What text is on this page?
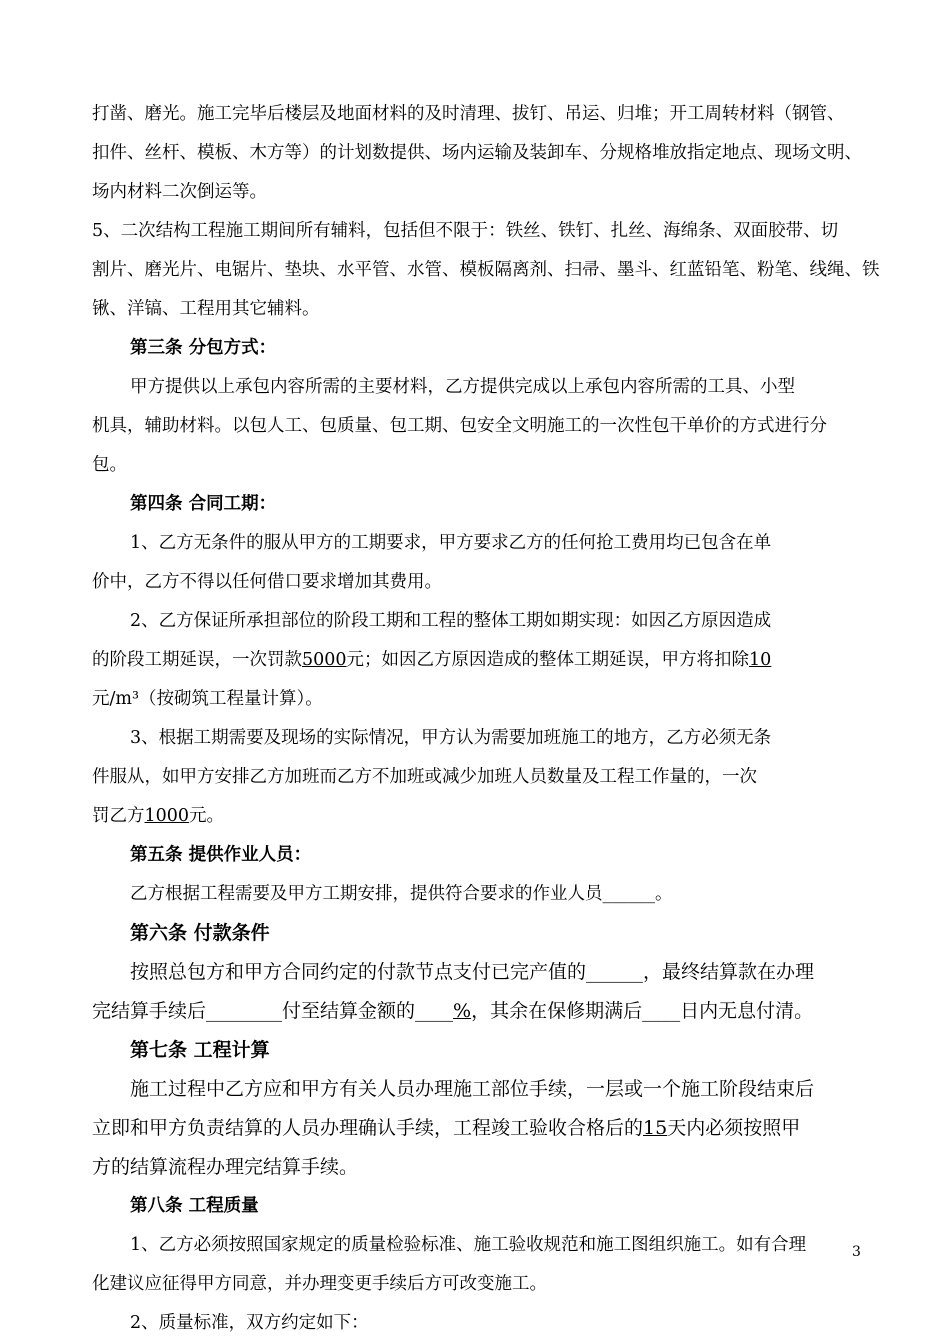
打凿、磨光。施工完毕后楼层及地面材料的及时清理、拔钉、吊运、归堆；开工周转材料（钢管、
扣件、丝杆、模板、木方等）的计划数提供、场内运输及装卸车、分规格堆放指定地点、现场文明、
场内材料二次倒运等。
5、二次结构工程施工期间所有辅料，包括但不限于：铁丝、铁钉、扎丝、海绵条、双面胶带、切
割片、磨光片、电锯片、垫块、水平管、水管、模板隔离剂、扫帚、墨斗、红蓝铅笔、粉笔、线绳、铁
锹、洋镐、工程用其它辅料。
第三条 分包方式：
甲方提供以上承包内容所需的主要材料，乙方提供完成以上承包内容所需的工具、小型
机具，辅助材料。以包人工、包质量、包工期、包安全文明施工的一次性包干单价的方式进行分
包。
第四条 合同工期：
1、乙方无条件的服从甲方的工期要求，甲方要求乙方的任何抢工费用均已包含在单
价中，乙方不得以任何借口要求增加其费用。
2、乙方保证所承担部位的阶段工期和工程的整体工期如期实现：如因乙方原因造成
的阶段工期延误，一次罚款5000元；如因乙方原因造成的整体工期延误，甲方将扣除10
元/m³（按砌筑工程量计算）。
3、根据工期需要及现场的实际情况，甲方认为需要加班施工的地方，乙方必须无条
件服从，如甲方安排乙方加班而乙方不加班或减少加班人员数量及工程工作量的，一次
罚乙方1000元。
第五条 提供作业人员：
乙方根据工程需要及甲方工期安排，提供符合要求的作业人员______。
第六条 付款条件
按照总包方和甲方合同约定的付款节点支付已完产值的______，最终结算款在办理
完结算手续后________付至结算金额的____%，其余在保修期满后____日内无息付清。
第七条 工程计算
施工过程中乙方应和甲方有关人员办理施工部位手续，一层或一个施工阶段结束后
立即和甲方负责结算的人员办理确认手续，工程竣工验收合格后的15天内必须按照甲
方的结算流程办理完结算手续。
第八条 工程质量
1、乙方必须按照国家规定的质量检验标准、施工验收规范和施工图组织施工。如有合理
化建议应征得甲方同意，并办理变更手续后方可改变施工。
2、质量标准，双方约定如下：
3
